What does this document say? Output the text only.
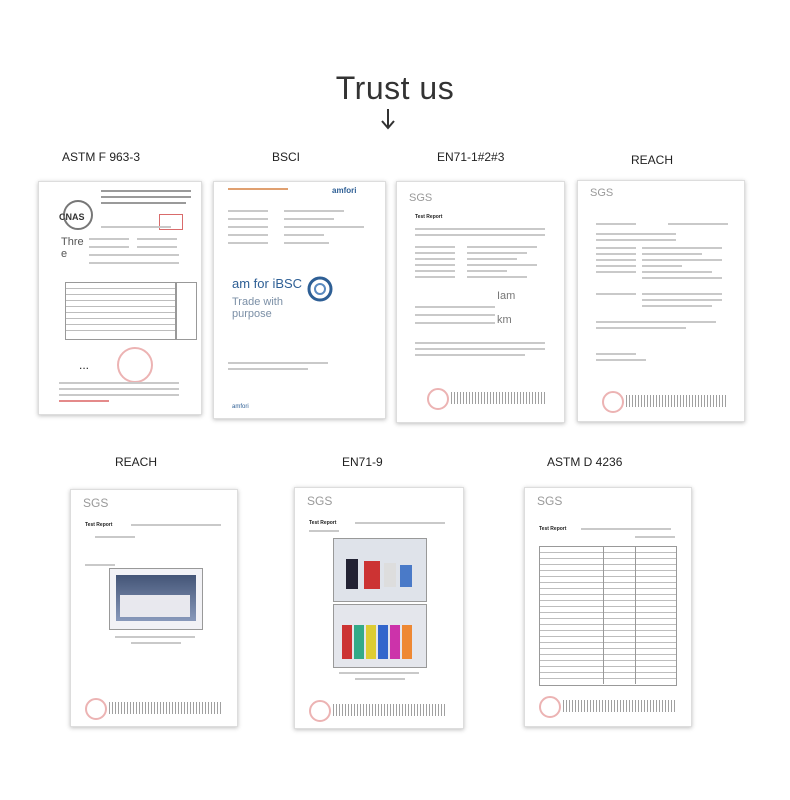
Trust us
ASTM F 963-3	BSCI	EN71-1#2#3	REACH
REACH	EN71-9	ASTM D 4236
CNAS
Thre e
...
amfori
am for iBSC
Trade with purpose
amfori
SGS
Test Report
Iam
km
SGS
SGS
Test Report
SGS
Test Report
SGS
Test Report
